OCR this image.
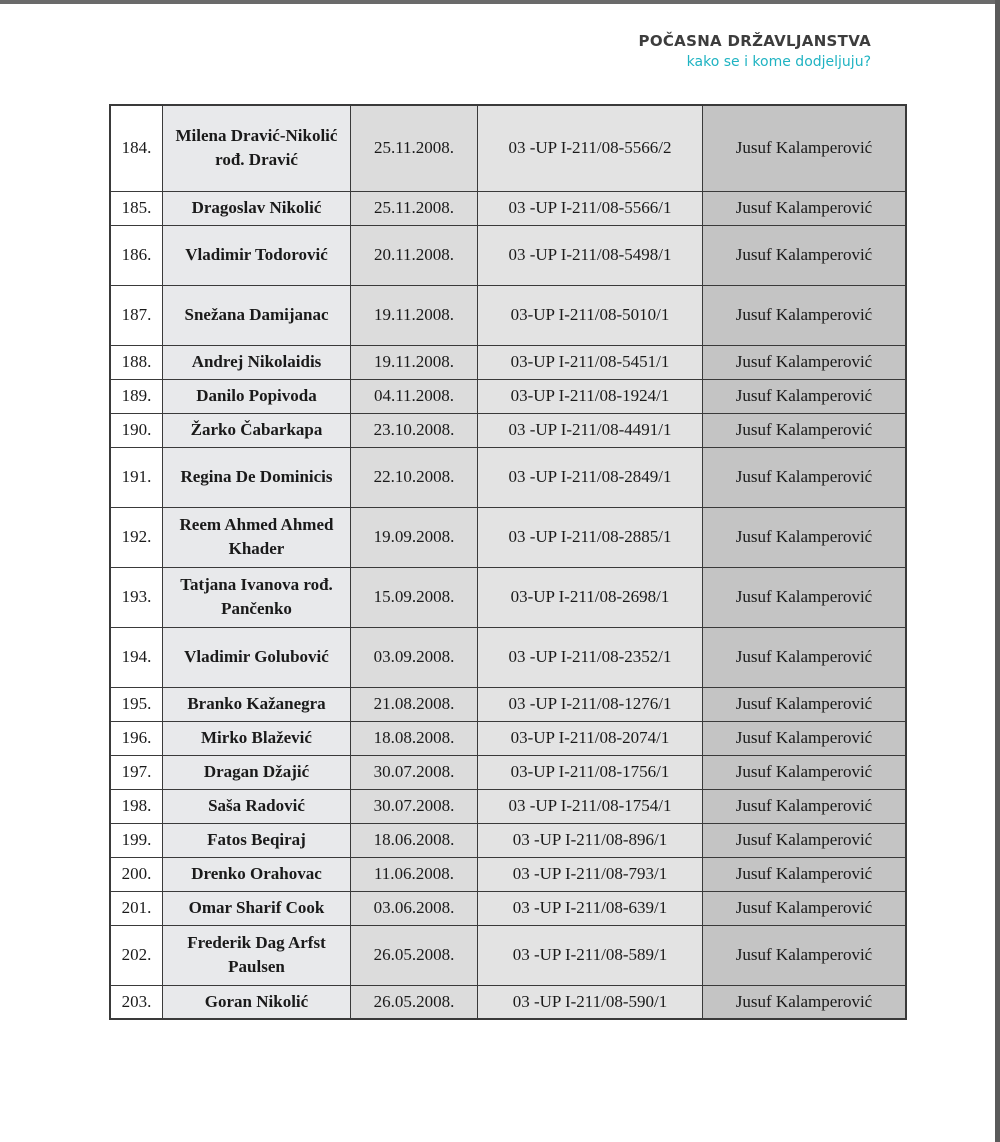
POČASNA DRŽAVLJANSTVA
kako se i kome dodjeljuju?
184.	Milena Dravić-Nikolić rođ. Dravić	25.11.2008.	03 -UP I-211/08-5566/2	Jusuf Kalamperović
185.	Dragoslav Nikolić	25.11.2008.	03 -UP I-211/08-5566/1	Jusuf Kalamperović
186.	Vladimir Todorović	20.11.2008.	03 -UP I-211/08-5498/1	Jusuf Kalamperović
187.	Snežana Damijanac	19.11.2008.	03-UP I-211/08-5010/1	Jusuf Kalamperović
188.	Andrej Nikolaidis	19.11.2008.	03-UP I-211/08-5451/1	Jusuf Kalamperović
189.	Danilo Popivoda	04.11.2008.	03-UP I-211/08-1924/1	Jusuf Kalamperović
190.	Žarko Čabarkapa	23.10.2008.	03 -UP I-211/08-4491/1	Jusuf Kalamperović
191.	Regina De Dominicis	22.10.2008.	03 -UP I-211/08-2849/1	Jusuf Kalamperović
192.	Reem Ahmed Ahmed Khader	19.09.2008.	03 -UP I-211/08-2885/1	Jusuf Kalamperović
193.	Tatjana Ivanova rođ. Pančenko	15.09.2008.	03-UP I-211/08-2698/1	Jusuf Kalamperović
194.	Vladimir Golubović	03.09.2008.	03 -UP I-211/08-2352/1	Jusuf Kalamperović
195.	Branko Kažanegra	21.08.2008.	03 -UP I-211/08-1276/1	Jusuf Kalamperović
196.	Mirko Blažević	18.08.2008.	03-UP I-211/08-2074/1	Jusuf Kalamperović
197.	Dragan Džajić	30.07.2008.	03-UP I-211/08-1756/1	Jusuf Kalamperović
198.	Saša Radović	30.07.2008.	03 -UP I-211/08-1754/1	Jusuf Kalamperović
199.	Fatos Beqiraj	18.06.2008.	03 -UP I-211/08-896/1	Jusuf Kalamperović
200.	Drenko Orahovac	11.06.2008.	03 -UP I-211/08-793/1	Jusuf Kalamperović
201.	Omar Sharif Cook	03.06.2008.	03 -UP I-211/08-639/1	Jusuf Kalamperović
202.	Frederik Dag Arfst Paulsen	26.05.2008.	03 -UP I-211/08-589/1	Jusuf Kalamperović
203.	Goran Nikolić	26.05.2008.	03 -UP I-211/08-590/1	Jusuf Kalamperović
